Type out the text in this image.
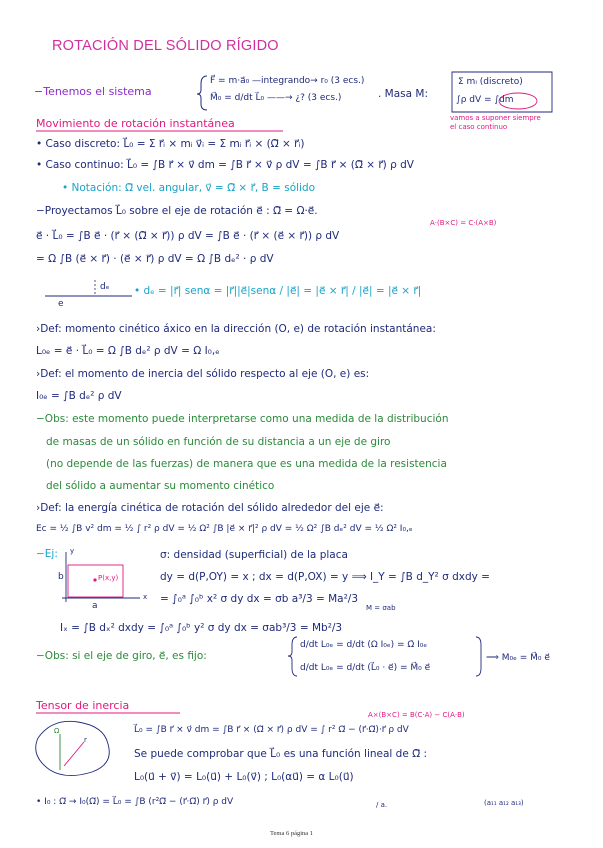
ROTACIÓN DEL SÓLIDO RÍGIDO
−Tenemos el sistema
F⃗ = m·a⃗₀ —integrando→ r₀ (3 ecs.)
M⃗₀ = d/dt L⃗₀ ——→ ¿? (3 ecs.)	. Masa M:
Σ mᵢ (discreto)
∫ρ dV = ∫dm
vamos a suponer siempre
el caso continuo
Movimiento de rotación instantánea
• Caso discreto: L⃗₀ = Σ r⃗ᵢ × mᵢ v⃗ᵢ = Σ mᵢ r⃗ᵢ × (Ω⃗ × r⃗ᵢ)
• Caso continuo: L⃗₀ = ∫B r⃗ × v⃗ dm = ∫B r⃗ × v⃗ ρ dV = ∫B r⃗ × (Ω⃗ × r⃗) ρ dV
• Notación: Ω⃗ vel. angular, v⃗ = Ω⃗ × r⃗, B = sólido
−Proyectamos L⃗₀ sobre el eje de rotación e⃗ : Ω⃗ = Ω·e⃗.
A·(B×C) = C·(A×B)
e⃗ · L⃗₀ = ∫B e⃗ · (r⃗ × (Ω⃗ × r⃗)) ρ dV = ∫B e⃗ · (r⃗ × (e⃗ × r⃗)) ρ dV
= Ω ∫B (e⃗ × r⃗) · (e⃗ × r⃗) ρ dV = Ω ∫B dₑ² · ρ dV
e
dₑ • dₑ = |r⃗| senα = |r⃗||e⃗|senα / |e⃗| = |e⃗ × r⃗| / |e⃗| = |e⃗ × r⃗|
›Def: momento cinético áxico en la dirección (O, e) de rotación instantánea:
L₀ₑ = e⃗ · L⃗₀ = Ω ∫B dₑ² ρ dV = Ω I₀,ₑ
›Def: el momento de inercia del sólido respecto al eje (O, e) es:
I₀ₑ = ∫B dₑ² ρ dV
−Obs: este momento puede interpretarse como una medida de la distribución
de masas de un sólido en función de su distancia a un eje de giro
(no depende de las fuerzas) de manera que es una medida de la resistencia
del sólido a aumentar su momento cinético
›Def: la energía cinética de rotación del sólido alrededor del eje e⃗:
Ec = ½ ∫B v² dm = ½ ∫ r² ρ dV = ½ Ω² ∫B |e⃗ × r⃗|² ρ dV = ½ Ω² ∫B dₑ² dV = ½ Ω² I₀,ₑ
−Ej:
b
a
x
y
P(x,y)
σ: densidad (superficial) de la placa
dy = d(P,OY) = x ; dx = d(P,OX) = y ⟹ I_Y = ∫B d_Y² σ dxdy =
= ∫₀ᵃ ∫₀ᵇ x² σ dy dx = σb a³/3 = Ma²/3
M = σab
Iₓ = ∫B dₓ² dxdy = ∫₀ᵃ ∫₀ᵇ y² σ dy dx = σab³/3 = Mb²/3
−Obs: si el eje de giro, e⃗, es fijo:
d/dt L₀ₑ = d/dt (Ω I₀ₑ) = Ω̇ I₀ₑ
d/dt L₀ₑ = d/dt (L⃗₀ · e⃗) = M⃗₀ e⃗
⟹ M₀ₑ = M⃗₀ e⃗
Tensor de inercia
A×(B×C) = B(C·A) − C(A·B)
r
Ω	L⃗₀ = ∫B r⃗ × v⃗ dm = ∫B r⃗ × (Ω⃗ × r⃗) ρ dV = ∫ r² Ω⃗ − (r⃗·Ω⃗)·r⃗ ρ dV
Se puede comprobar que L⃗₀ es una función lineal de Ω⃗ :
L₀(u⃗ + v⃗) = L₀(u⃗) + L₀(v⃗) ; L₀(αu⃗) = α L₀(u⃗)
• I₀ : Ω⃗ → I₀(Ω⃗) = L⃗₀ = ∫B (r²Ω⃗ − (r⃗·Ω⃗) r⃗) ρ dV	/ a.	(a₁₁ a₁₂ a₁₃)
Tema 6 página 1
